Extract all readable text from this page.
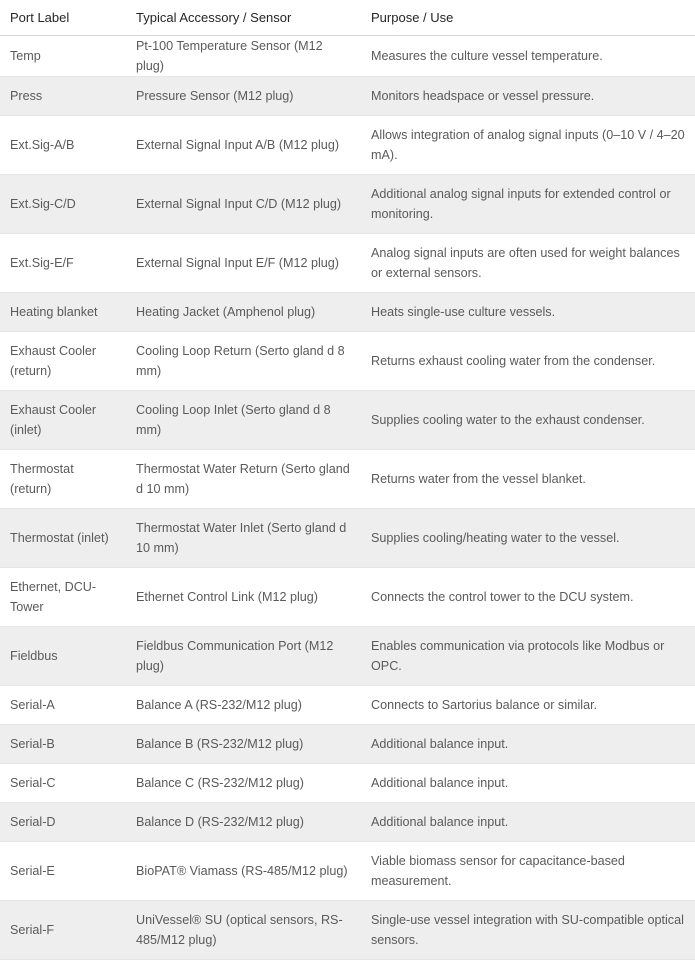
Port Label	Typical Accessory / Sensor	Purpose / Use
Temp	Pt-100 Temperature Sensor (M12 plug)	Measures the culture vessel temperature.
Press	Pressure Sensor (M12 plug)	Monitors headspace or vessel pressure.
Ext.Sig-A/B	External Signal Input A/B (M12 plug)	Allows integration of analog signal inputs (0–10 V / 4–20 mA).
Ext.Sig-C/D	External Signal Input C/D (M12 plug)	Additional analog signal inputs for extended control or monitoring.
Ext.Sig-E/F	External Signal Input E/F (M12 plug)	Analog signal inputs are often used for weight balances or external sensors.
Heating blanket	Heating Jacket (Amphenol plug)	Heats single-use culture vessels.
Exhaust Cooler (return)	Cooling Loop Return (Serto gland d 8 mm)	Returns exhaust cooling water from the condenser.
Exhaust Cooler (inlet)	Cooling Loop Inlet (Serto gland d 8 mm)	Supplies cooling water to the exhaust condenser.
Thermostat (return)	Thermostat Water Return (Serto gland d 10 mm)	Returns water from the vessel blanket.
Thermostat (inlet)	Thermostat Water Inlet (Serto gland d 10 mm)	Supplies cooling/heating water to the vessel.
Ethernet, DCU-Tower	Ethernet Control Link (M12 plug)	Connects the control tower to the DCU system.
Fieldbus	Fieldbus Communication Port (M12 plug)	Enables communication via protocols like Modbus or OPC.
Serial-A	Balance A (RS-232/M12 plug)	Connects to Sartorius balance or similar.
Serial-B	Balance B (RS-232/M12 plug)	Additional balance input.
Serial-C	Balance C (RS-232/M12 plug)	Additional balance input.
Serial-D	Balance D (RS-232/M12 plug)	Additional balance input.
Serial-E	BioPAT® Viamass (RS-485/M12 plug)	Viable biomass sensor for capacitance-based measurement.
Serial-F	UniVessel® SU (optical sensors, RS-485/M12 plug)	Single-use vessel integration with SU-compatible optical sensors.
